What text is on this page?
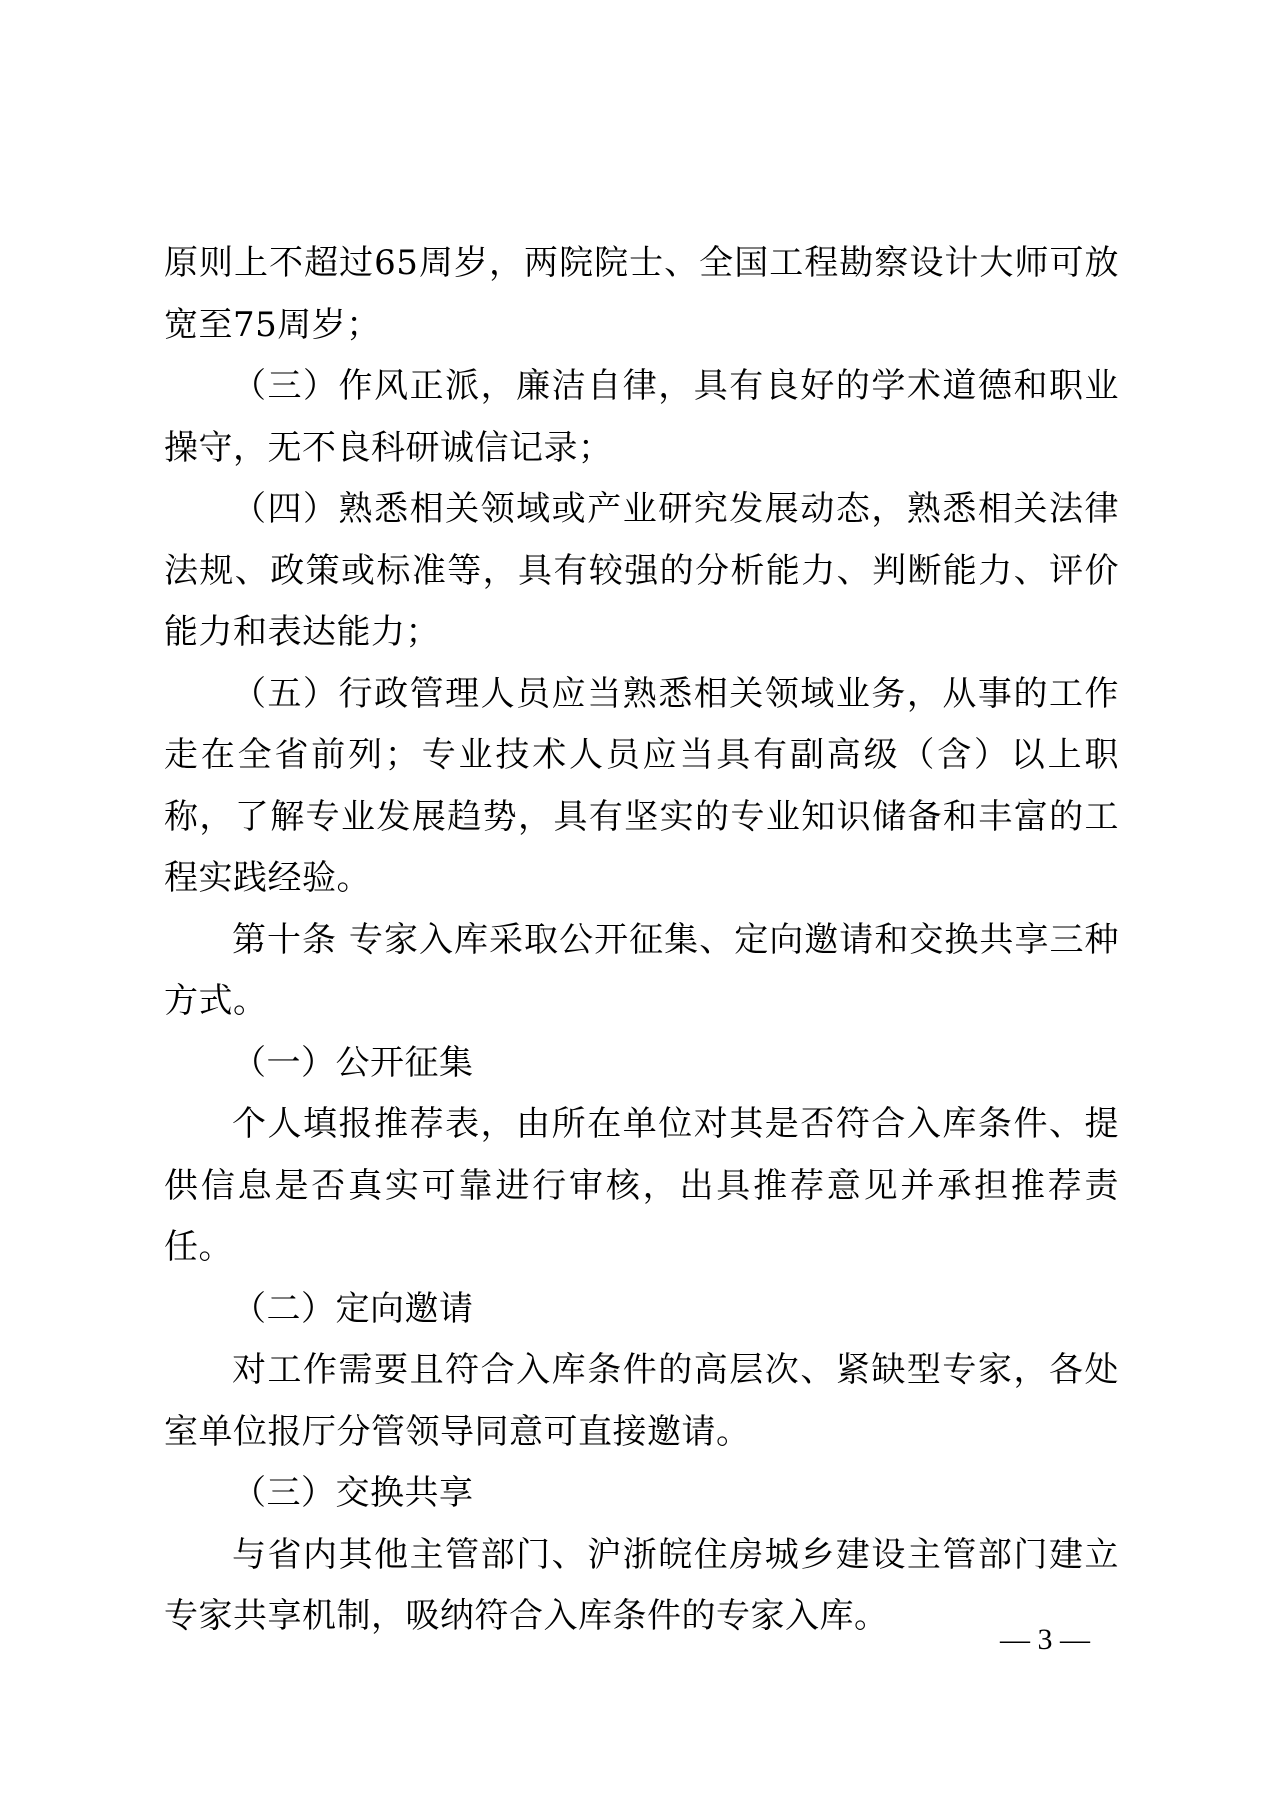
原则上不超过65周岁，两院院士、全国工程勘察设计大师可放宽至75周岁；

（三）作风正派，廉洁自律，具有良好的学术道德和职业操守，无不良科研诚信记录；

（四）熟悉相关领域或产业研究发展动态，熟悉相关法律法规、政策或标准等，具有较强的分析能力、判断能力、评价能力和表达能力；

（五）行政管理人员应当熟悉相关领域业务，从事的工作走在全省前列；专业技术人员应当具有副高级（含）以上职称，了解专业发展趋势，具有坚实的专业知识储备和丰富的工程实践经验。

第十条 专家入库采取公开征集、定向邀请和交换共享三种方式。

（一）公开征集

个人填报推荐表，由所在单位对其是否符合入库条件、提供信息是否真实可靠进行审核，出具推荐意见并承担推荐责任。

（二）定向邀请

对工作需要且符合入库条件的高层次、紧缺型专家，各处室单位报厅分管领导同意可直接邀请。

（三）交换共享

与省内其他主管部门、沪浙皖住房城乡建设主管部门建立专家共享机制，吸纳符合入库条件的专家入库。

— 3 —
